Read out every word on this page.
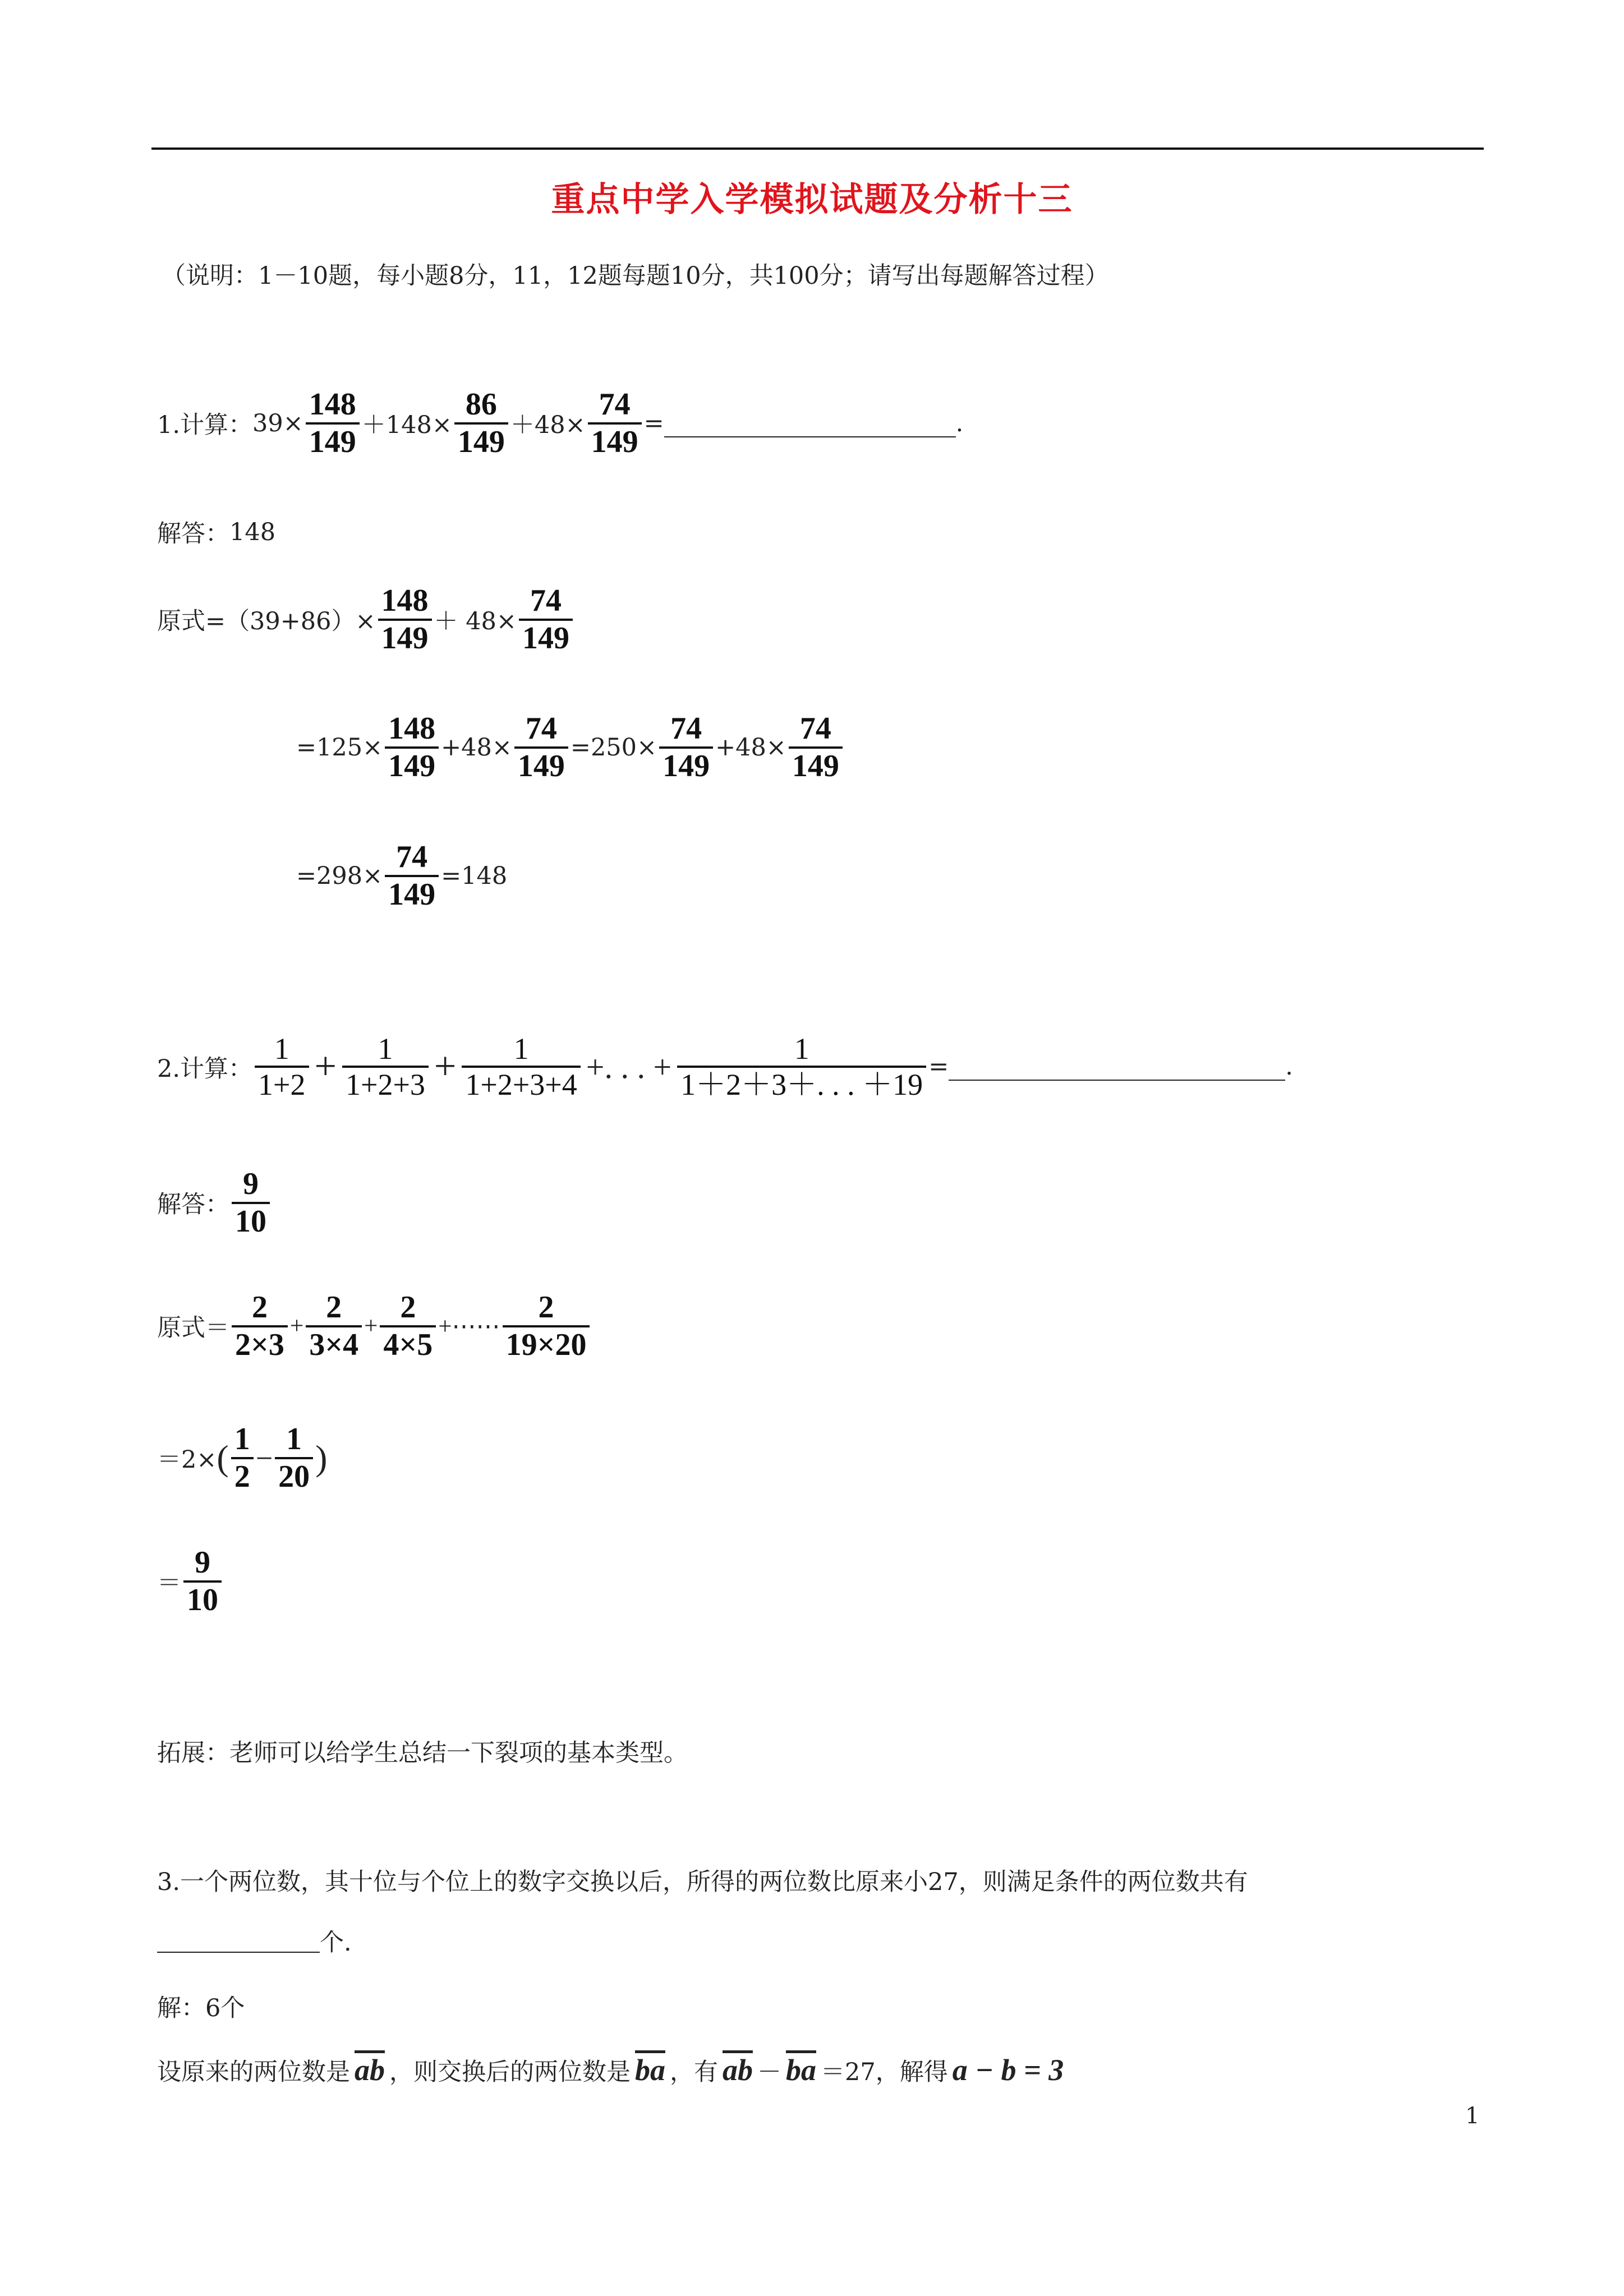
重点中学入学模拟试题及分析十三
（说明：1－10题，每小题8分，11，12题每题10分，共100分；请写出每题解答过程）
1.计算： $39\times \frac{148}{149} +148\times \frac{86}{149} +48\times \frac{74}{149}$ =	.
解答： 148
原式$=(39+86)\times \frac{148}{149} + 48\times \frac{74}{149}$
$=125\times \frac{148}{149} +48\times \frac{74}{149} =250\times \frac{74}{149} +48\times \frac{74}{149}$
$=298\times \frac{74}{149} =148$
2.计算： $\frac{1}{1+2} + \frac{1}{1+2+3} + \frac{1}{1+2+3+4}$ +. . . + $\frac{1}{1+2+3+. . . +19}$ =	.
解答： $\frac{9}{10}$
原式＝ $\frac{2}{2\times 3} + \frac{2}{3\times 4} + \frac{2}{4\times 5}$ +⋯⋯ $\frac{2}{19\times 20}$
＝2× ( $\frac{1}{2} - \frac{1}{20}$ )
＝ $\frac{9}{10}$
拓展：老师可以给学生总结一下裂项的基本类型。
3.一个两位数，其十位与个位上的数字交换以后，所得的两位数比原来小27，则满足条件的两位数共有
个.
解：6个
设原来的两位数是 $\overline{ab}$ ，则交换后的两位数是 $\overline{ba}$ ，有 $\overline{ab} - \overline{ba} =27$，解得 a − b = 3
1
